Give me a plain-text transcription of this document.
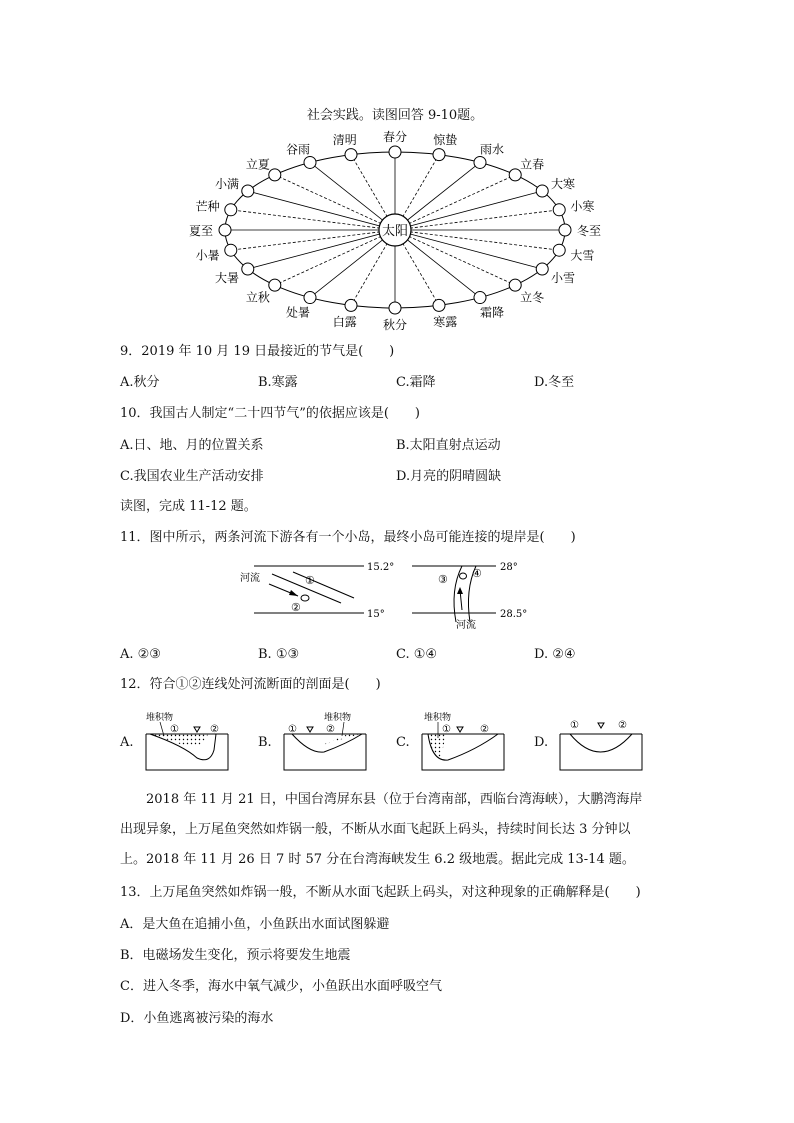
社会实践。读图回答 9-10题。
冬至
小寒
大寒
立春
雨水
惊蛰
春分
清明
谷雨
立夏
小满
芒种
夏至
小暑
大暑
立秋
处暑
白露 秋分 寒露
霜降
立冬
小雪
大雪
太阳
9．2019 年 10 月 19 日最接近的节气是(　　)
A.秋分	B.寒露	C.霜降	D.冬至
10．我国古人制定“二十四节气”的依据应该是(　　)
A.日、地、月的位置关系	B.太阳直射点运动
C.我国农业生产活动安排	D.月亮的阴晴圆缺
读图，完成 11-12 题。
11．图中所示，两条河流下游各有一个小岛，最终小岛可能连接的堤岸是(　　)
河流	①
②
15.2°
15°
③ ④
河流
28°
28.5°
A. ②③	B. ①③	C. ①④	D. ②④
12．符合①②连线处河流断面的剖面是(　　)
A.
堆积物
①	②
B.
堆积物
①	②
C.
堆积物
①	②
D.
①	②
2018 年 11 月 21 日，中国台湾屏东县（位于台湾南部，西临台湾海峡），大鹏湾海岸
出现异象，上万尾鱼突然如炸锅一般，不断从水面飞起跃上码头，持续时间长达 3 分钟以
上。2018 年 11 月 26 日 7 时 57 分在台湾海峡发生 6.2 级地震。据此完成 13-14 题。
13．上万尾鱼突然如炸锅一般，不断从水面飞起跃上码头，对这种现象的正确解释是(　　)
A．是大鱼在追捕小鱼，小鱼跃出水面试图躲避
B．电磁场发生变化，预示将要发生地震
C．进入冬季，海水中氧气减少，小鱼跃出水面呼吸空气
D．小鱼逃离被污染的海水
